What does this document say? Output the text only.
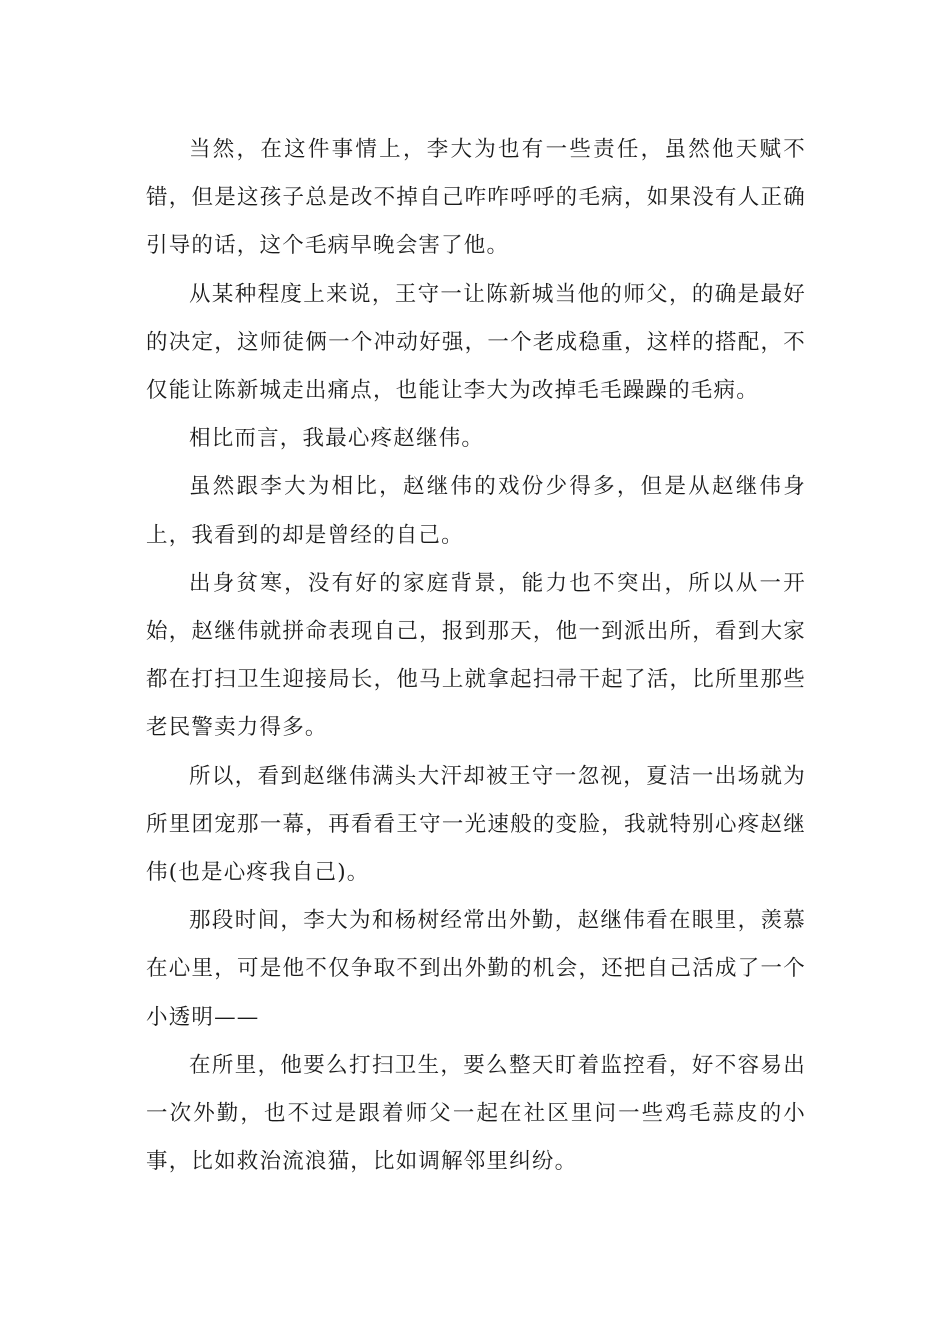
当然，在这件事情上，李大为也有一些责任，虽然他天赋不错，但是这孩子总是改不掉自己咋咋呼呼的毛病，如果没有人正确引导的话，这个毛病早晚会害了他。

从某种程度上来说，王守一让陈新城当他的师父，的确是最好的决定，这师徒俩一个冲动好强，一个老成稳重，这样的搭配，不仅能让陈新城走出痛点，也能让李大为改掉毛毛躁躁的毛病。

相比而言，我最心疼赵继伟。

虽然跟李大为相比，赵继伟的戏份少得多，但是从赵继伟身上，我看到的却是曾经的自己。

出身贫寒，没有好的家庭背景，能力也不突出，所以从一开始，赵继伟就拼命表现自己，报到那天，他一到派出所，看到大家都在打扫卫生迎接局长，他马上就拿起扫帚干起了活，比所里那些老民警卖力得多。

所以，看到赵继伟满头大汗却被王守一忽视，夏洁一出场就为所里团宠那一幕，再看看王守一光速般的变脸，我就特别心疼赵继伟(也是心疼我自己)。

那段时间，李大为和杨树经常出外勤，赵继伟看在眼里，羡慕在心里，可是他不仅争取不到出外勤的机会，还把自己活成了一个小透明——

在所里，他要么打扫卫生，要么整天盯着监控看，好不容易出一次外勤，也不过是跟着师父一起在社区里问一些鸡毛蒜皮的小事，比如救治流浪猫，比如调解邻里纠纷。
